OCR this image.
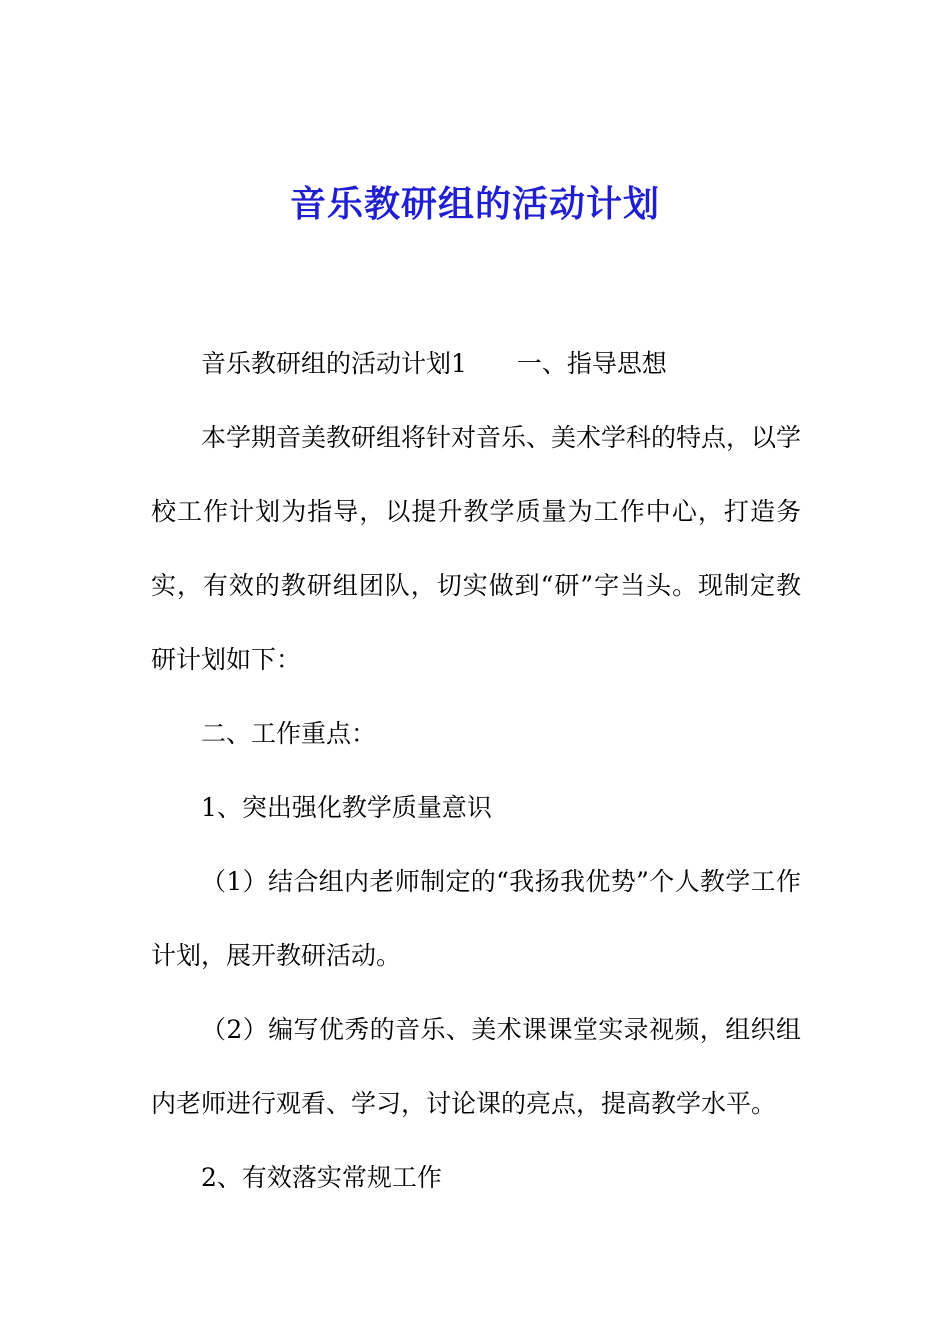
音乐教研组的活动计划

音乐教研组的活动计划1 一、指导思想

本学期音美教研组将针对音乐、美术学科的特点，以学校工作计划为指导，以提升教学质量为工作中心，打造务实，有效的教研组团队，切实做到“研”字当头。现制定教研计划如下：

二、工作重点：

1、突出强化教学质量意识

（1）结合组内老师制定的“我扬我优势”个人教学工作计划，展开教研活动。

（2）编写优秀的音乐、美术课课堂实录视频，组织组内老师进行观看、学习，讨论课的亮点，提高教学水平。

2、有效落实常规工作
